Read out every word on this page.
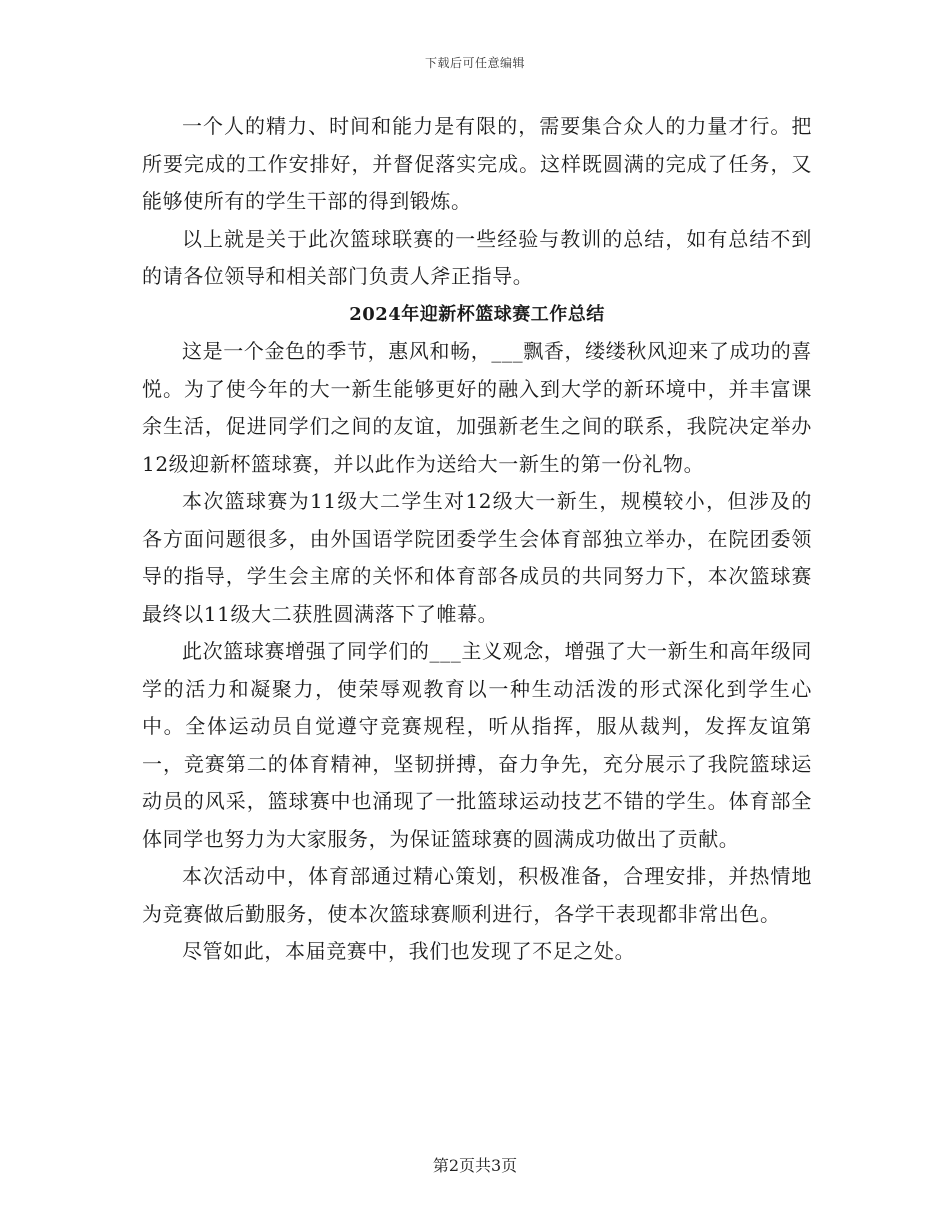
下载后可任意编辑

一个人的精力、时间和能力是有限的，需要集合众人的力量才行。把所要完成的工作安排好，并督促落实完成。这样既圆满的完成了任务，又能够使所有的学生干部的得到锻炼。

以上就是关于此次篮球联赛的一些经验与教训的总结，如有总结不到的请各位领导和相关部门负责人斧正指导。

2024年迎新杯篮球赛工作总结

这是一个金色的季节，惠风和畅，___飘香，缕缕秋风迎来了成功的喜悦。为了使今年的大一新生能够更好的融入到大学的新环境中，并丰富课余生活，促进同学们之间的友谊，加强新老生之间的联系，我院决定举办12级迎新杯篮球赛，并以此作为送给大一新生的第一份礼物。

本次篮球赛为11级大二学生对12级大一新生，规模较小，但涉及的各方面问题很多，由外国语学院团委学生会体育部独立举办，在院团委领导的指导，学生会主席的关怀和体育部各成员的共同努力下，本次篮球赛最终以11级大二获胜圆满落下了帷幕。

此次篮球赛增强了同学们的___主义观念，增强了大一新生和高年级同学的活力和凝聚力，使荣辱观教育以一种生动活泼的形式深化到学生心中。全体运动员自觉遵守竞赛规程，听从指挥，服从裁判，发挥友谊第一，竞赛第二的体育精神，坚韧拼搏，奋力争先，充分展示了我院篮球运动员的风采，篮球赛中也涌现了一批篮球运动技艺不错的学生。体育部全体同学也努力为大家服务，为保证篮球赛的圆满成功做出了贡献。

本次活动中，体育部通过精心策划，积极准备，合理安排，并热情地为竞赛做后勤服务，使本次篮球赛顺利进行，各学干表现都非常出色。

尽管如此，本届竞赛中，我们也发现了不足之处。

第2页共3页
